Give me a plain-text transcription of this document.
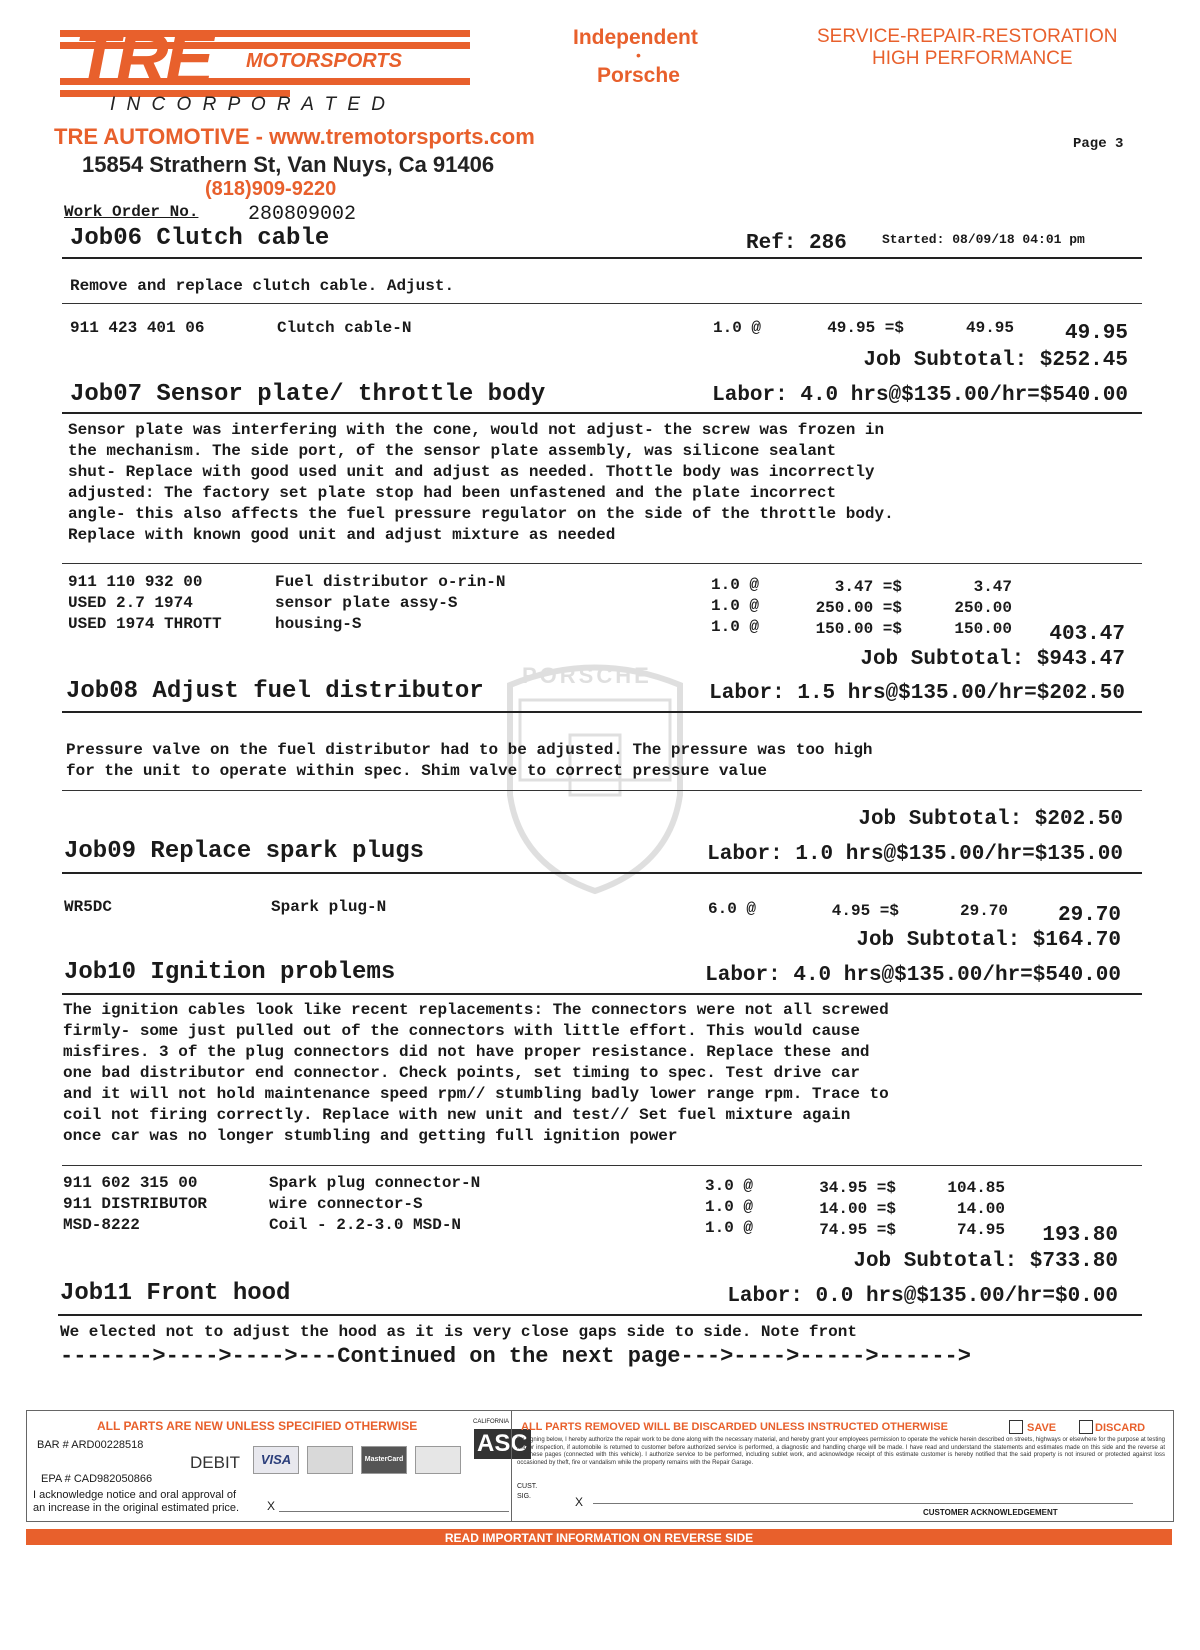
TRE MOTORSPORTS
I N C O R P O R A T E D
TRE AUTOMOTIVE - www.tremotorsports.com
15854 Strathern St, Van Nuys, Ca 91406
(818)909-9220
Independent
•
Porsche
SERVICE-REPAIR-RESTORATION
HIGH PERFORMANCE
Page 3
Work Order No. 280809002
Started: 08/09/18 04:01 pm
PORSCHE
Job06 Clutch cable	Ref: 286
Remove and replace clutch cable. Adjust.
911 423 401 06	Clutch cable-N	1.0 @	49.95 =$	49.95 49.95
Job Subtotal: $252.45
Job07 Sensor plate/ throttle body	Labor: 4.0 hrs@$135.00/hr=$540.00
Sensor plate was interfering with the cone, would not adjust- the screw was frozen in
the mechanism. The side port, of the sensor plate assembly, was silicone sealant
shut- Replace with good used unit and adjust as needed. Thottle body was incorrectly
adjusted: The factory set plate stop had been unfastened and the plate incorrect
angle- this also affects the fuel pressure regulator on the side of the throttle body.
Replace with known good unit and adjust mixture as needed
911 110 932 00	Fuel distributor o-rin-N	1.0 @	3.47 =$	3.47
USED 2.7 1974	sensor plate assy-S	1.0 @	250.00 =$	250.00
USED 1974 THROTT	housing-S	1.0 @	150.00 =$	150.00 403.47
Job Subtotal: $943.47
Job08 Adjust fuel distributor	Labor: 1.5 hrs@$135.00/hr=$202.50
Pressure valve on the fuel distributor had to be adjusted. The pressure was too high
for the unit to operate within spec. Shim valve to correct pressure value
Job Subtotal: $202.50
Job09 Replace spark plugs	Labor: 1.0 hrs@$135.00/hr=$135.00
WR5DC	Spark plug-N	6.0 @	4.95 =$	29.70 29.70
Job Subtotal: $164.70
Job10 Ignition problems	Labor: 4.0 hrs@$135.00/hr=$540.00
The ignition cables look like recent replacements: The connectors were not all screwed
firmly- some just pulled out of the connectors with little effort. This would cause
misfires. 3 of the plug connectors did not have proper resistance. Replace these and
one bad distributor end connector. Check points, set timing to spec. Test drive car
and it will not hold maintenance speed rpm// stumbling badly lower range rpm. Trace to
coil not firing correctly. Replace with new unit and test// Set fuel mixture again
once car was no longer stumbling and getting full ignition power
911 602 315 00	Spark plug connector-N	3.0 @	34.95 =$	104.85
911 DISTRIBUTOR	wire connector-S	1.0 @	14.00 =$	14.00
MSD-8222	Coil - 2.2-3.0 MSD-N	1.0 @	74.95 =$	74.95 193.80
Job Subtotal: $733.80
Job11 Front hood	Labor: 0.0 hrs@$135.00/hr=$0.00
We elected not to adjust the hood as it is very close gaps side to side. Note front
------->---->---->---Continued on the next page--->---->----->------>
ALL PARTS ARE NEW UNLESS SPECIFIED OTHERWISE
BAR # ARD00228518
EPA # CAD982050866
DEBIT	VISA	MasterCard
CALIFORNIA
ASC
I acknowledge notice and oral approval of
an increase in the original estimated price. X
ALL PARTS REMOVED WILL BE DISCARDED UNLESS INSTRUCTED OTHERWISE	SAVE	DISCARD
By signing below, I hereby authorize the repair work to be done along with the necessary material, and hereby grant your employees permission to operate the vehicle herein described on streets, highways or elsewhere for the purpose at testing and/or inspection, if automobile is returned to customer before authorized service is performed, a diagnostic and handling charge will be made. I have read and understand the statements and estimates made on this side and the reverse at this/these pages (connected with this vehicle). I authorize service to be performed, including sublet work, and acknowledge receipt of this estimate customer is hereby notified that the said property is not insured or protected against loss occasioned by theft, fire or vandalism while the property remains with the Repair Garage.
CUST.
SIG.	X
CUSTOMER ACKNOWLEDGEMENT
READ IMPORTANT INFORMATION ON REVERSE SIDE
